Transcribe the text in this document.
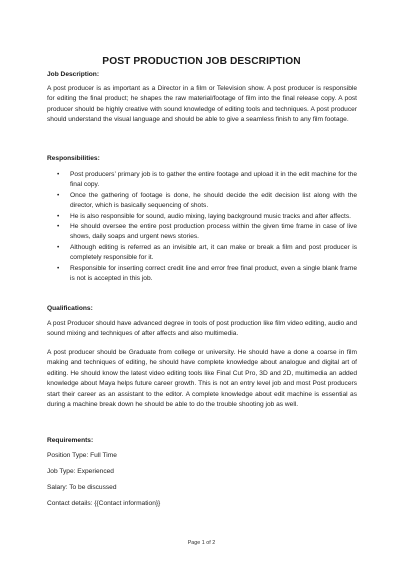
POST PRODUCTION JOB DESCRIPTION
Job Description:
A post producer is as important as a Director in a film or Television show. A post producer is responsible for editing the final product; he shapes the raw material/footage of film into the final release copy. A post producer should be highly creative with sound knowledge of editing tools and techniques. A post producer should understand the visual language and should be able to give a seamless finish to any film footage.
Responsibilities:
• Post producers’ primary job is to gather the entire footage and upload it in the edit machine for the final copy.
• Once the gathering of footage is done, he should decide the edit decision list along with the director, which is basically sequencing of shots.
• He is also responsible for sound, audio mixing, laying background music tracks and after affects.
• He should oversee the entire post production process within the given time frame in case of live shows, daily soaps and urgent news stories.
• Although editing is referred as an invisible art, it can make or break a film and post producer is completely responsible for it.
• Responsible for inserting correct credit line and error free final product, even a single blank frame is not is accepted in this job.
Qualifications:
A post Producer should have advanced degree in tools of post production like film video editing, audio and sound mixing and techniques of after affects and also multimedia.
A post producer should be Graduate from college or university. He should have a done a coarse in film making and techniques of editing, he should have complete knowledge about analogue and digital art of editing. He should know the latest video editing tools like Final Cut Pro, 3D and 2D, multimedia an added knowledge about Maya helps future career growth. This is not an entry level job and most Post producers start their career as an assistant to the editor. A complete knowledge about edit machine is essential as during a machine break down he should be able to do the trouble shooting job as well.
Requirements:
Position Type: Full Time
Job Type: Experienced
Salary: To be discussed
Contact details: {{Contact information}}
Page 1 of 2
